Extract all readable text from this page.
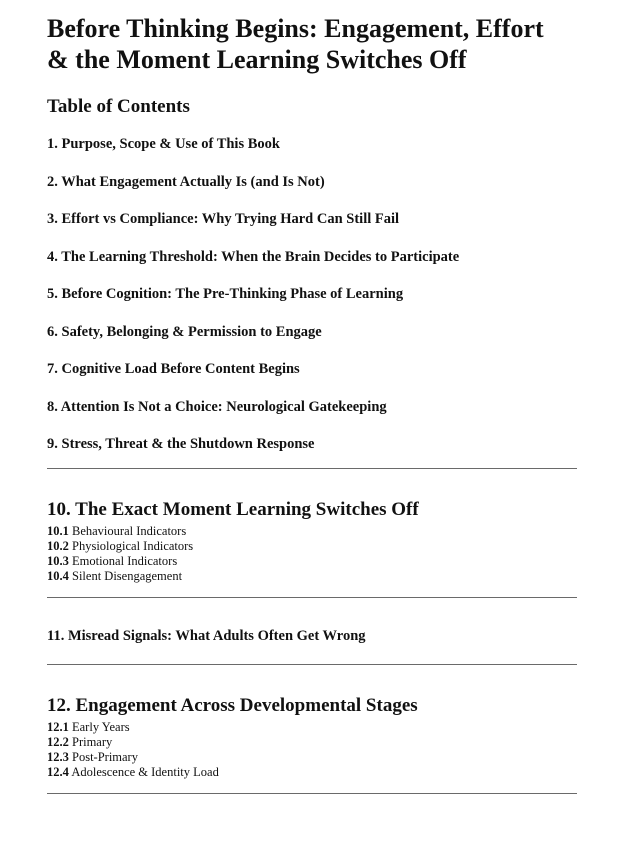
Before Thinking Begins: Engagement, Effort
& the Moment Learning Switches Off
Table of Contents
1. Purpose, Scope & Use of This Book
2. What Engagement Actually Is (and Is Not)
3. Effort vs Compliance: Why Trying Hard Can Still Fail
4. The Learning Threshold: When the Brain Decides to Participate
5. Before Cognition: The Pre-Thinking Phase of Learning
6. Safety, Belonging & Permission to Engage
7. Cognitive Load Before Content Begins
8. Attention Is Not a Choice: Neurological Gatekeeping
9. Stress, Threat & the Shutdown Response
10. The Exact Moment Learning Switches Off
10.1 Behavioural Indicators
10.2 Physiological Indicators
10.3 Emotional Indicators
10.4 Silent Disengagement
11. Misread Signals: What Adults Often Get Wrong
12. Engagement Across Developmental Stages
12.1 Early Years
12.2 Primary
12.3 Post-Primary
12.4 Adolescence & Identity Load
